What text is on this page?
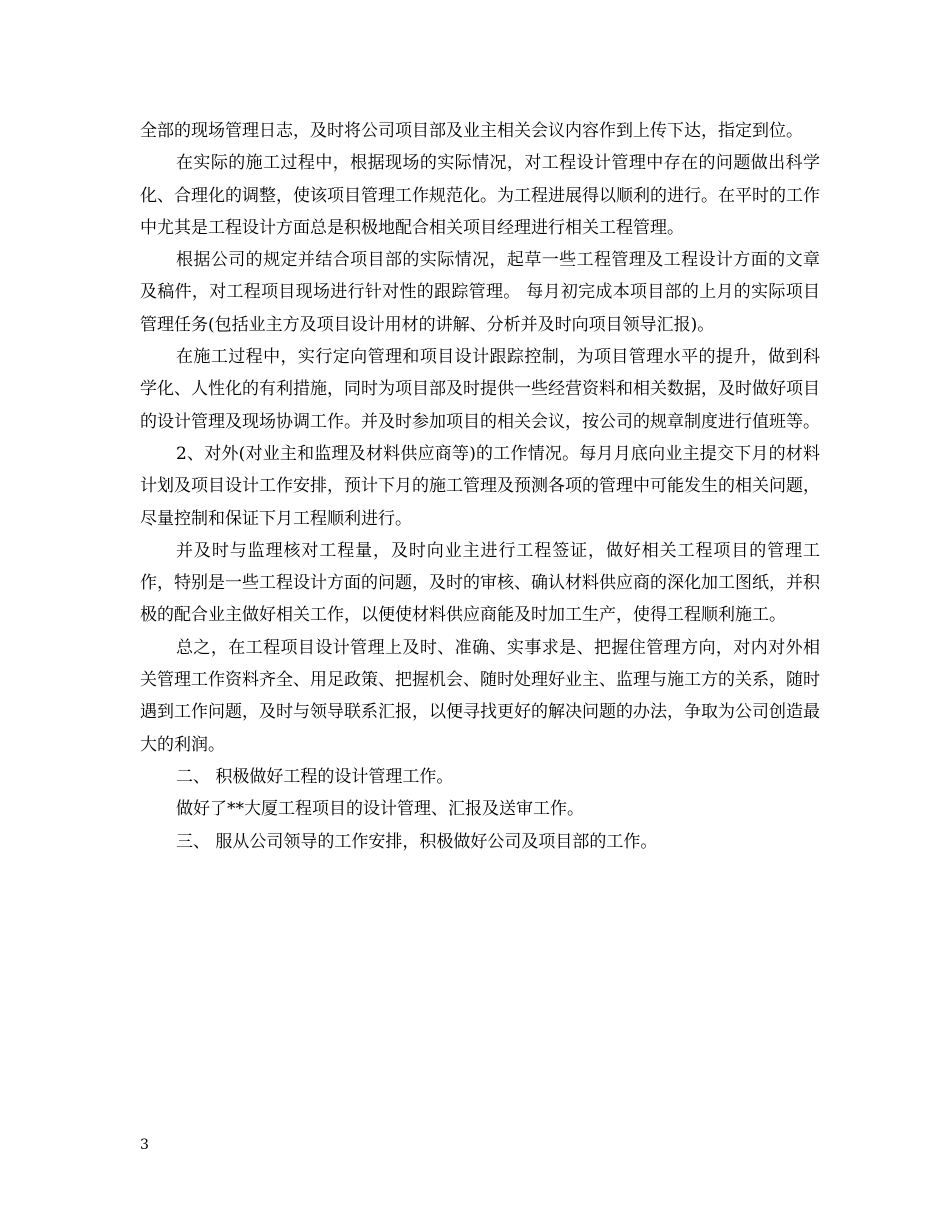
全部的现场管理日志，及时将公司项目部及业主相关会议内容作到上传下达，指定到位。

在实际的施工过程中，根据现场的实际情况，对工程设计管理中存在的问题做出科学化、合理化的调整，使该项目管理工作规范化。为工程进展得以顺利的进行。在平时的工作中尤其是工程设计方面总是积极地配合相关项目经理进行相关工程管理。

根据公司的规定并结合项目部的实际情况，起草一些工程管理及工程设计方面的文章及稿件，对工程项目现场进行针对性的跟踪管理。 每月初完成本项目部的上月的实际项目管理任务(包括业主方及项目设计用材的讲解、分析并及时向项目领导汇报)。

在施工过程中，实行定向管理和项目设计跟踪控制，为项目管理水平的提升，做到科学化、人性化的有利措施，同时为项目部及时提供一些经营资料和相关数据，及时做好项目的设计管理及现场协调工作。并及时参加项目的相关会议，按公司的规章制度进行值班等。

2、对外(对业主和监理及材料供应商等)的工作情况。每月月底向业主提交下月的材料计划及项目设计工作安排，预计下月的施工管理及预测各项的管理中可能发生的相关问题，尽量控制和保证下月工程顺利进行。

并及时与监理核对工程量，及时向业主进行工程签证，做好相关工程项目的管理工作，特别是一些工程设计方面的问题，及时的审核、确认材料供应商的深化加工图纸，并积极的配合业主做好相关工作，以便使材料供应商能及时加工生产，使得工程顺利施工。

总之，在工程项目设计管理上及时、准确、实事求是、把握住管理方向，对内对外相关管理工作资料齐全、用足政策、把握机会、随时处理好业主、监理与施工方的关系，随时遇到工作问题，及时与领导联系汇报，以便寻找更好的解决问题的办法，争取为公司创造最大的利润。

二、 积极做好工程的设计管理工作。

做好了**大厦工程项目的设计管理、汇报及送审工作。

三、 服从公司领导的工作安排，积极做好公司及项目部的工作。

3
